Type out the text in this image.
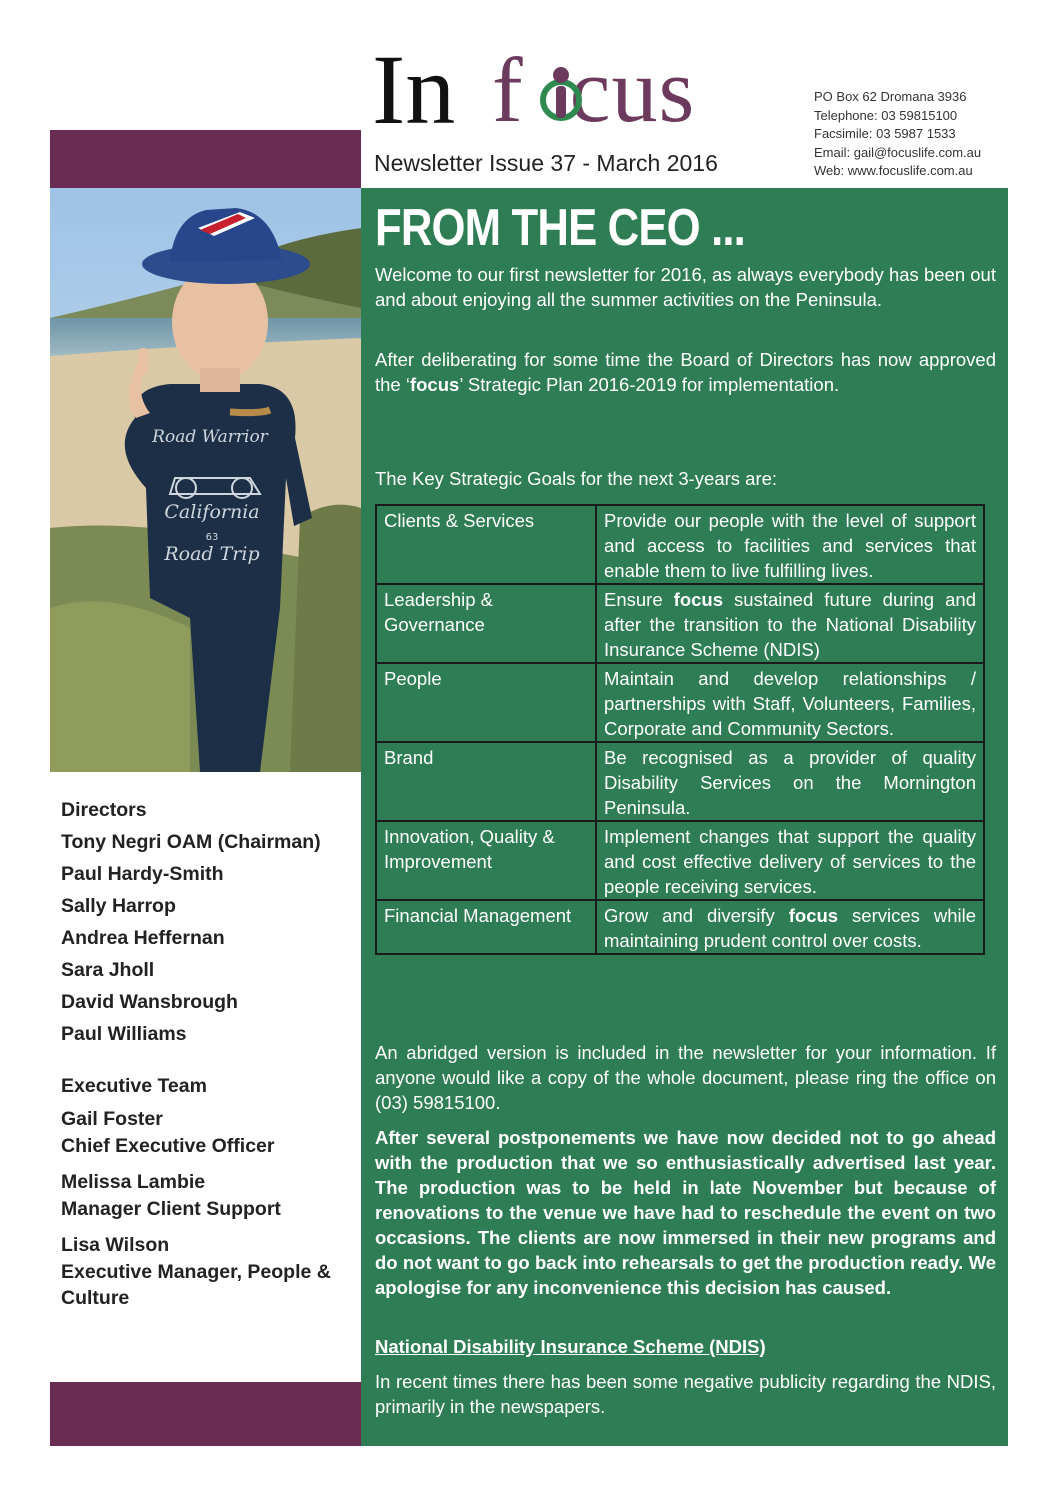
In f cus
Newsletter Issue 37 - March 2016
PO Box 62 Dromana 3936
Telephone: 03 59815100
Facsimile: 03 5987 1533
Email: gail@focuslife.com.au
Web: www.focuslife.com.au
Road Warrior
California
63
Road Trip
Directors
Tony Negri OAM (Chairman)
Paul Hardy-Smith
Sally Harrop
Andrea Heffernan
Sara Jholl
David Wansbrough
Paul Williams
Executive Team
Gail Foster
Chief Executive Officer
Melissa Lambie
Manager Client Support
Lisa Wilson
Executive Manager, People & Culture
FROM THE CEO ...
Welcome to our first newsletter for 2016, as always everybody has been out and about enjoying all the summer activities on the Peninsula.
After deliberating for some time the Board of Directors has now approved the ‘focus’ Strategic Plan 2016-2019 for implementation.
The Key Strategic Goals for the next 3-years are:
Clients & Services	Provide our people with the level of support and access to facilities and services that enable them to live fulfilling lives.
Leadership & Governance	Ensure focus sustained future during and after the transition to the National Disability Insurance Scheme (NDIS)
People	Maintain and develop relationships / partnerships with Staff, Volunteers, Families, Corporate and Community Sectors.
Brand	Be recognised as a provider of quality Disability Services on the Mornington Peninsula.
Innovation, Quality & Improvement	Implement changes that support the quality and cost effective delivery of services to the people receiving services.
Financial Management	Grow and diversify focus services while maintaining prudent control over costs.
An abridged version is included in the newsletter for your information. If anyone would like a copy of the whole document, please ring the office on (03) 59815100.
After several postponements we have now decided not to go ahead with the production that we so enthusiastically advertised last year. The production was to be held in late November but because of renovations to the venue we have had to reschedule the event on two occasions. The clients are now immersed in their new programs and do not want to go back into rehearsals to get the production ready. We apologise for any inconvenience this decision has caused.
National Disability Insurance Scheme (NDIS)
In recent times there has been some negative publicity regarding the NDIS, primarily in the newspapers.
